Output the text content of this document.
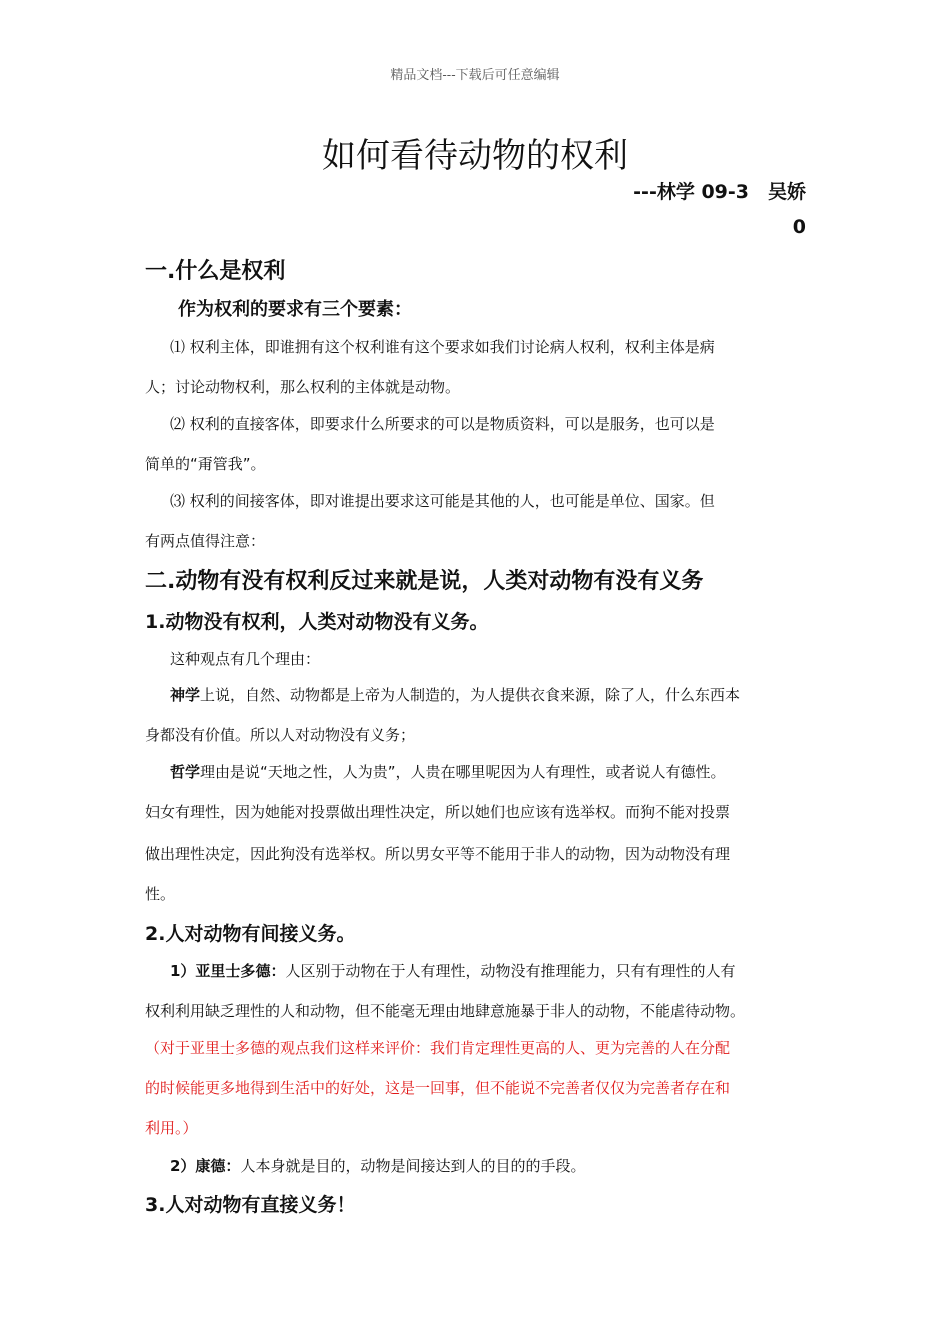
精品文档---下载后可任意编辑
如何看待动物的权利
---林学 09-3　吴娇
0
一.什么是权利
作为权利的要求有三个要素：
⑴ 权利主体，即谁拥有这个权利谁有这个要求如我们讨论病人权利，权利主体是病
人；讨论动物权利，那么权利的主体就是动物。
⑵ 权利的直接客体，即要求什么所要求的可以是物质资料，可以是服务，也可以是
简单的“甭管我”。
⑶ 权利的间接客体，即对谁提出要求这可能是其他的人，也可能是单位、国家。但
有两点值得注意：
二.动物有没有权利反过来就是说，人类对动物有没有义务
1.动物没有权利，人类对动物没有义务。
这种观点有几个理由：
神学上说，自然、动物都是上帝为人制造的，为人提供衣食来源，除了人，什么东西本
身都没有价值。所以人对动物没有义务；
哲学理由是说“天地之性，人为贵”，人贵在哪里呢因为人有理性，或者说人有德性。
妇女有理性，因为她能对投票做出理性决定，所以她们也应该有选举权。而狗不能对投票
做出理性决定，因此狗没有选举权。所以男女平等不能用于非人的动物，因为动物没有理
性。
2.人对动物有间接义务。
1）亚里士多德：人区别于动物在于人有理性，动物没有推理能力，只有有理性的人有
权利利用缺乏理性的人和动物，但不能毫无理由地肆意施暴于非人的动物，不能虐待动物。
（对于亚里士多德的观点我们这样来评价：我们肯定理性更高的人、更为完善的人在分配
的时候能更多地得到生活中的好处，这是一回事，但不能说不完善者仅仅为完善者存在和
利用。）
2）康德：人本身就是目的，动物是间接达到人的目的的手段。
3.人对动物有直接义务！
